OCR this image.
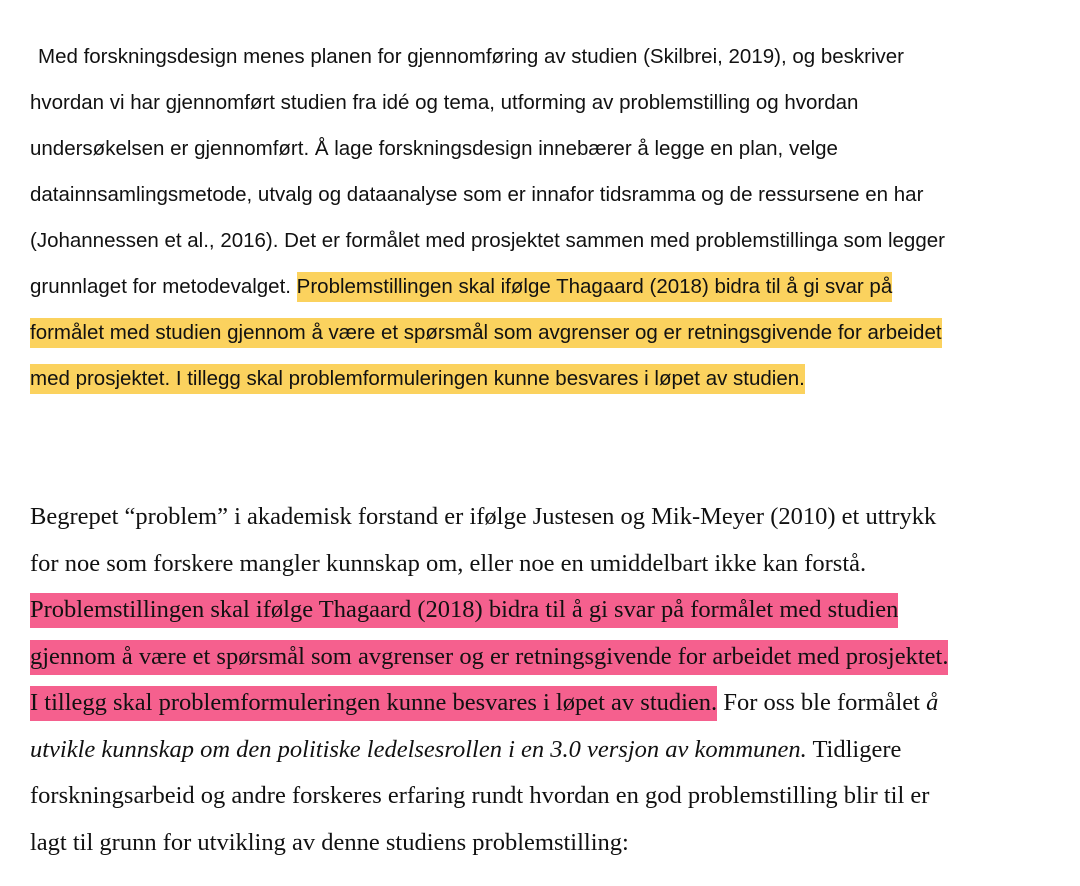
Med forskningsdesign menes planen for gjennomføring av studien (Skilbrei, 2019), og beskriver
hvordan vi har gjennomført studien fra idé og tema, utforming av problemstilling og hvordan
undersøkelsen er gjennomført. Å lage forskningsdesign innebærer å legge en plan, velge
datainnsamlingsmetode, utvalg og dataanalyse som er innafor tidsramma og de ressursene en har
(Johannessen et al., 2016). Det er formålet med prosjektet sammen med problemstillinga som legger
grunnlaget for metodevalget. Problemstillingen skal ifølge Thagaard (2018) bidra til å gi svar på
formålet med studien gjennom å være et spørsmål som avgrenser og er retningsgivende for arbeidet
med prosjektet. I tillegg skal problemformuleringen kunne besvares i løpet av studien.
Begrepet “problem” i akademisk forstand er ifølge Justesen og Mik-Meyer (2010) et uttrykk
for noe som forskere mangler kunnskap om, eller noe en umiddelbart ikke kan forstå.
Problemstillingen skal ifølge Thagaard (2018) bidra til å gi svar på formålet med studien
gjennom å være et spørsmål som avgrenser og er retningsgivende for arbeidet med prosjektet.
I tillegg skal problemformuleringen kunne besvares i løpet av studien. For oss ble formålet å
utvikle kunnskap om den politiske ledelsesrollen i en 3.0 versjon av kommunen. Tidligere
forskningsarbeid og andre forskeres erfaring rundt hvordan en god problemstilling blir til er
lagt til grunn for utvikling av denne studiens problemstilling:
